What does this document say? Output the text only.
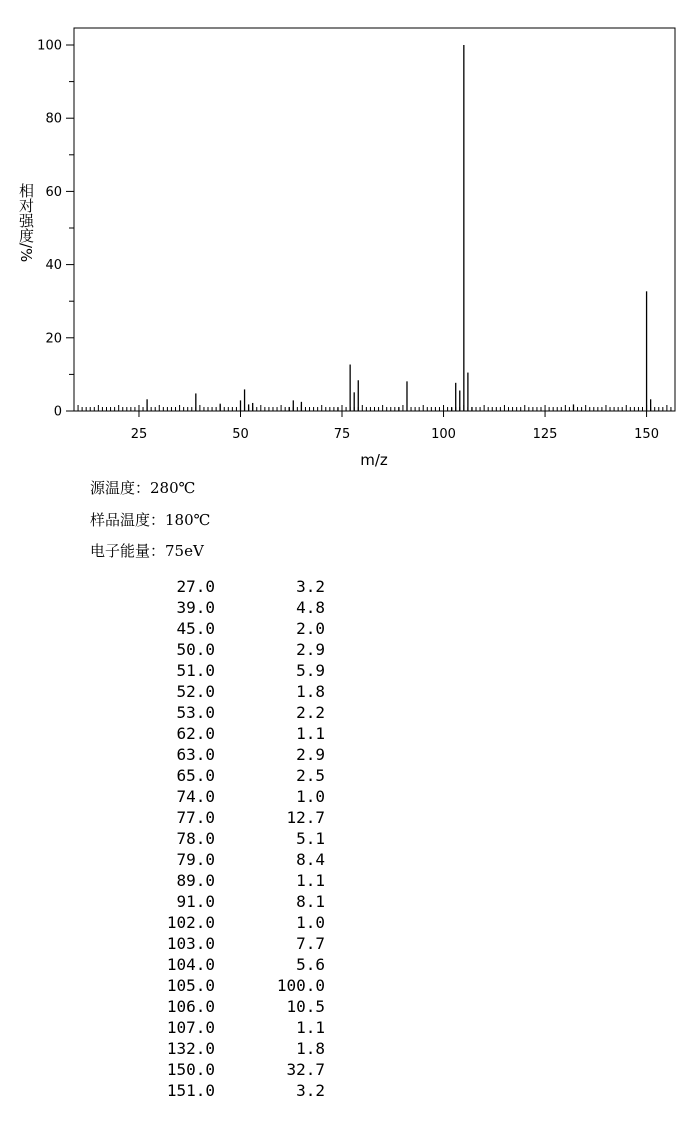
25	50	75	100	125	150
0
20
40
60
80
100
m/z
相对强度/%
源温度：280℃
样品温度：180℃
电子能量：75eV
27.0	3.2
39.0	4.8
45.0	2.0
50.0	2.9
51.0	5.9
52.0	1.8
53.0	2.2
62.0	1.1
63.0	2.9
65.0	2.5
74.0	1.0
77.0	12.7
78.0	5.1
79.0	8.4
89.0	1.1
91.0	8.1
102.0	1.0
103.0	7.7
104.0	5.6
105.0	100.0
106.0	10.5
107.0	1.1
132.0	1.8
150.0	32.7
151.0	3.2
